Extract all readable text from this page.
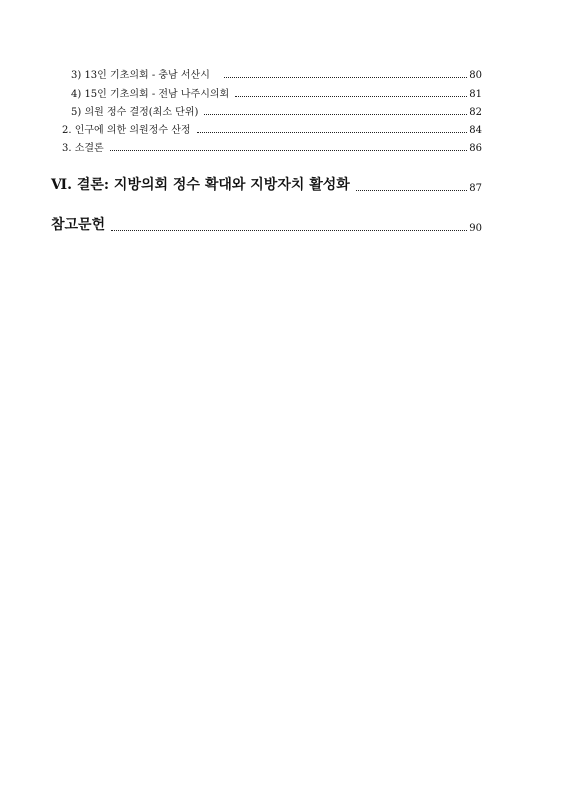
3) 13인 기초의회 - 충남 서산시	80
4) 15인 기초의회 - 전남 나주시의회	81
5) 의원 정수 결정(최소 단위)	82
2. 인구에 의한 의원정수 산정	84
3. 소결론	86
Ⅵ. 결론: 지방의회 정수 확대와 지방자치 활성화	87
참고문헌	90
